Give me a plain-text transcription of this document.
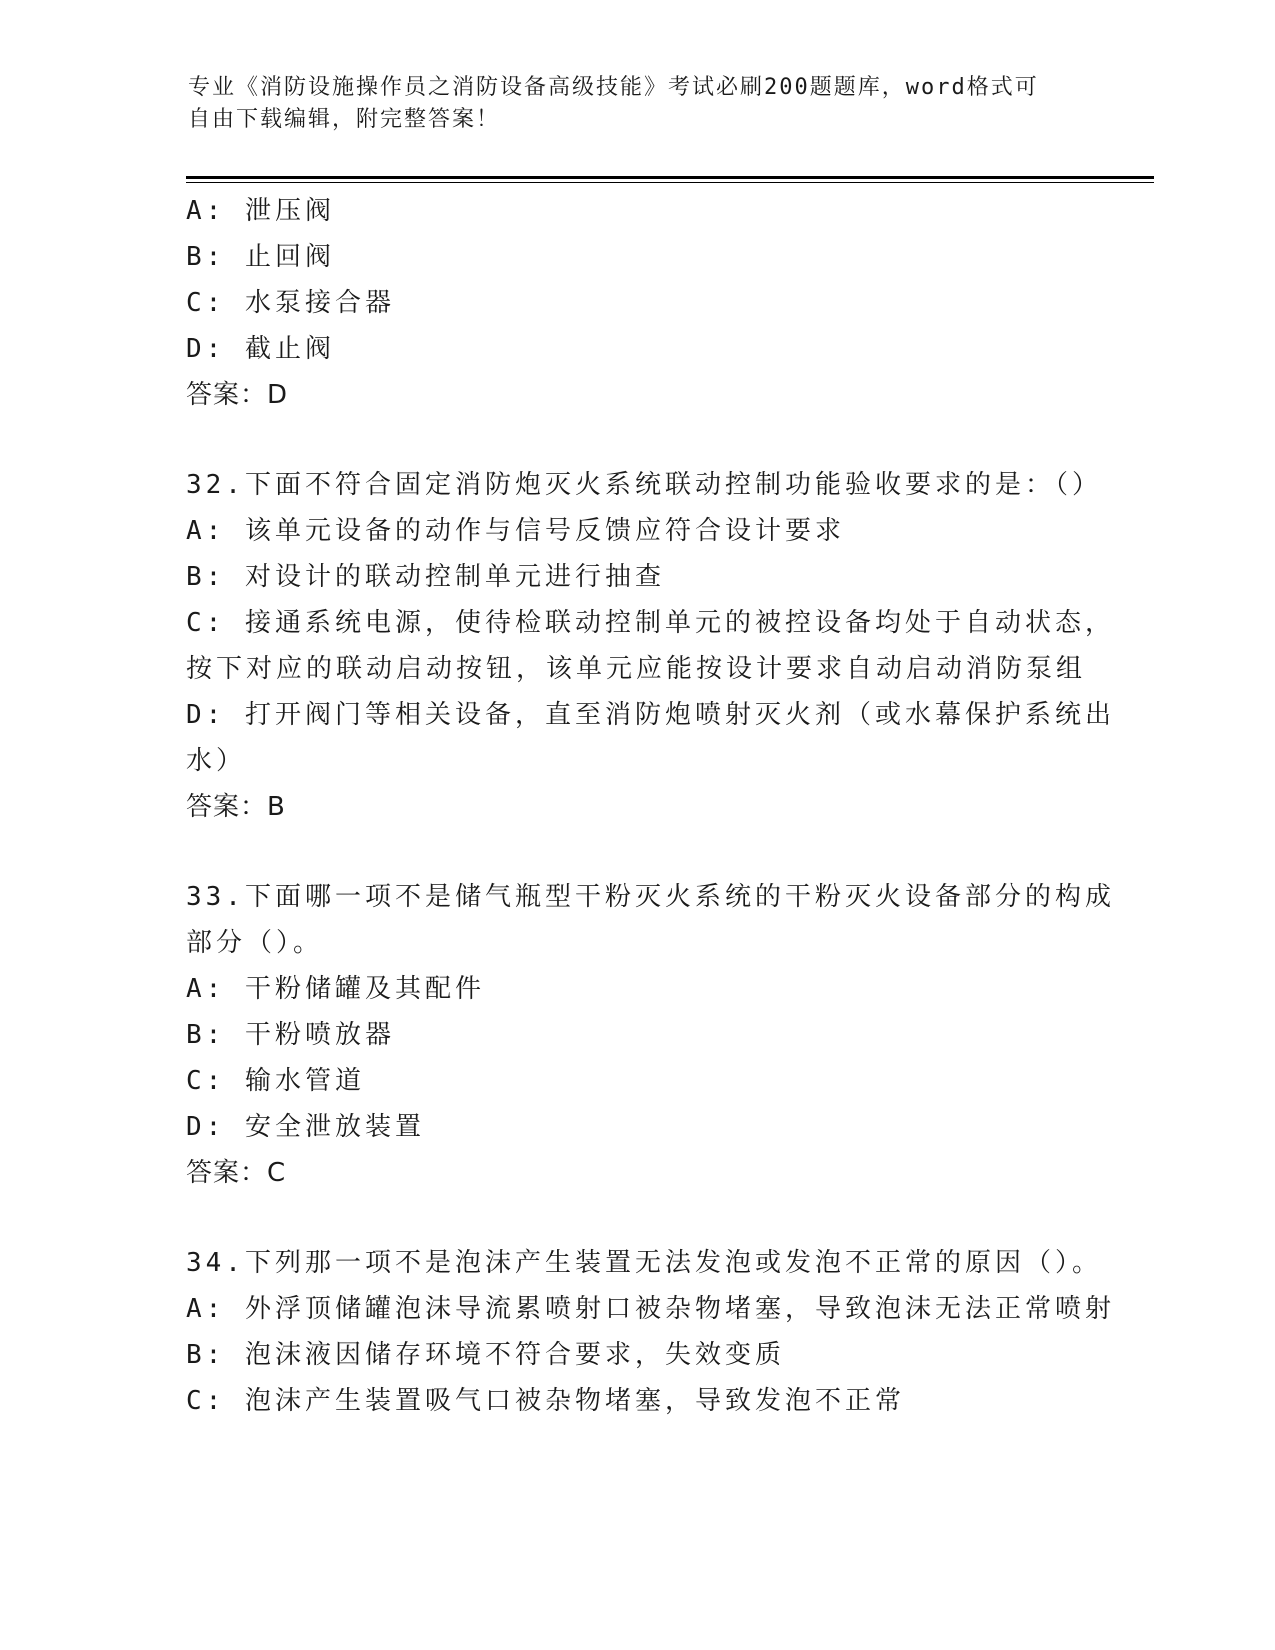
专业《消防设施操作员之消防设备高级技能》考试必刷200题题库，word格式可
自由下载编辑，附完整答案！
A: 泄压阀
B: 止回阀
C: 水泵接合器
D: 截止阀
答案：D
32.下面不符合固定消防炮灭火系统联动控制功能验收要求的是：（）
A: 该单元设备的动作与信号反馈应符合设计要求
B: 对设计的联动控制单元进行抽查
C: 接通系统电源，使待检联动控制单元的被控设备均处于自动状态，
按下对应的联动启动按钮，该单元应能按设计要求自动启动消防泵组
D: 打开阀门等相关设备，直至消防炮喷射灭火剂（或水幕保护系统出
水）
答案：B
33.下面哪一项不是储气瓶型干粉灭火系统的干粉灭火设备部分的构成
部分（）。
A: 干粉储罐及其配件
B: 干粉喷放器
C: 输水管道
D: 安全泄放装置
答案：C
34.下列那一项不是泡沫产生装置无法发泡或发泡不正常的原因（）。
A: 外浮顶储罐泡沫导流累喷射口被杂物堵塞，导致泡沫无法正常喷射
B: 泡沫液因储存环境不符合要求，失效变质
C: 泡沫产生装置吸气口被杂物堵塞，导致发泡不正常
